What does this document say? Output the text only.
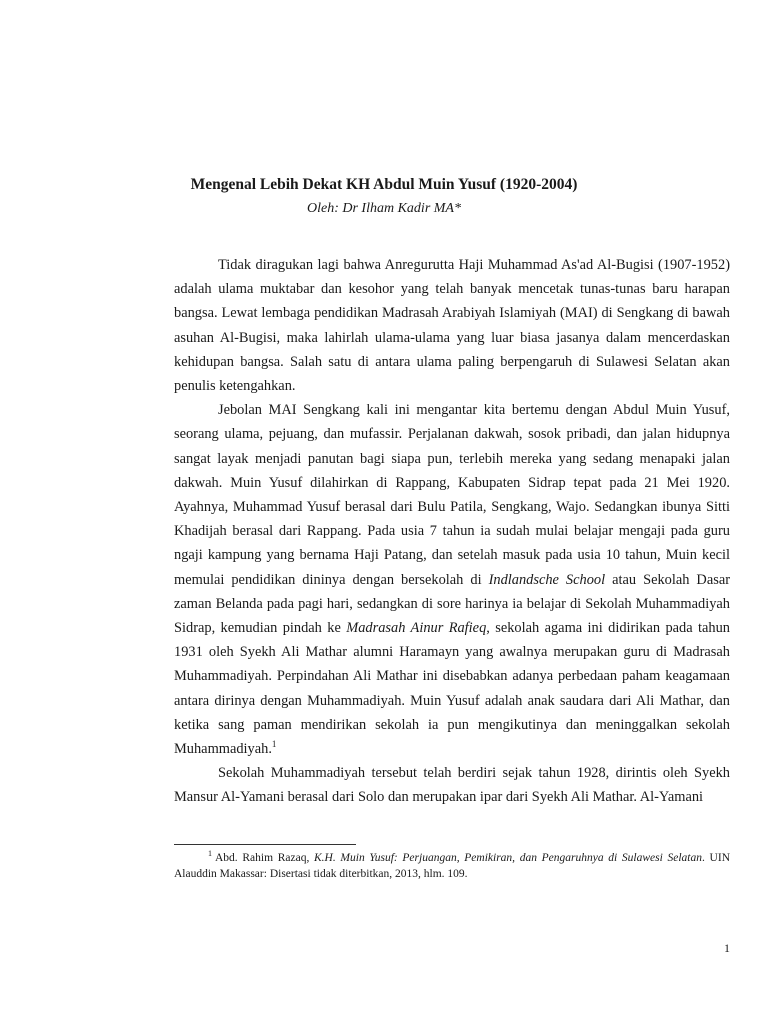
Mengenal Lebih Dekat KH Abdul Muin Yusuf (1920-2004)
Oleh: Dr Ilham Kadir MA*

Tidak diragukan lagi bahwa Anregurutta Haji Muhammad As'ad Al-Bugisi (1907-1952) adalah ulama muktabar dan kesohor yang telah banyak mencetak tunas-tunas baru harapan bangsa. Lewat lembaga pendidikan Madrasah Arabiyah Islamiyah (MAI) di Sengkang di bawah asuhan Al-Bugisi, maka lahirlah ulama-ulama yang luar biasa jasanya dalam mencerdaskan kehidupan bangsa. Salah satu di antara ulama paling berpengaruh di Sulawesi Selatan akan penulis ketengahkan.

Jebolan MAI Sengkang kali ini mengantar kita bertemu dengan Abdul Muin Yusuf, seorang ulama, pejuang, dan mufassir. Perjalanan dakwah, sosok pribadi, dan jalan hidupnya sangat layak menjadi panutan bagi siapa pun, terlebih mereka yang sedang menapaki jalan dakwah. Muin Yusuf dilahirkan di Rappang, Kabupaten Sidrap tepat pada 21 Mei 1920. Ayahnya, Muhammad Yusuf berasal dari Bulu Patila, Sengkang, Wajo. Sedangkan ibunya Sitti Khadijah berasal dari Rappang. Pada usia 7 tahun ia sudah mulai belajar mengaji pada guru ngaji kampung yang bernama Haji Patang, dan setelah masuk pada usia 10 tahun, Muin kecil memulai pendidikan dininya dengan bersekolah di Indlandsche School atau Sekolah Dasar zaman Belanda pada pagi hari, sedangkan di sore harinya ia belajar di Sekolah Muhammadiyah Sidrap, kemudian pindah ke Madrasah Ainur Rafieq, sekolah agama ini didirikan pada tahun 1931 oleh Syekh Ali Mathar alumni Haramayn yang awalnya merupakan guru di Madrasah Muhammadiyah. Perpindahan Ali Mathar ini disebabkan adanya perbedaan paham keagamaan antara dirinya dengan Muhammadiyah. Muin Yusuf adalah anak saudara dari Ali Mathar, dan ketika sang paman mendirikan sekolah ia pun mengikutinya dan meninggalkan sekolah Muhammadiyah.$^1$

Sekolah Muhammadiyah tersebut telah berdiri sejak tahun 1928, dirintis oleh Syekh Mansur Al-Yamani berasal dari Solo dan merupakan ipar dari Syekh Ali Mathar. Al-Yamani

$^1$ Abd. Rahim Razaq, K.H. Muin Yusuf: Perjuangan, Pemikiran, dan Pengaruhnya di Sulawesi Selatan. UIN Alauddin Makassar: Disertasi tidak diterbitkan, 2013, hlm. 109.

1
